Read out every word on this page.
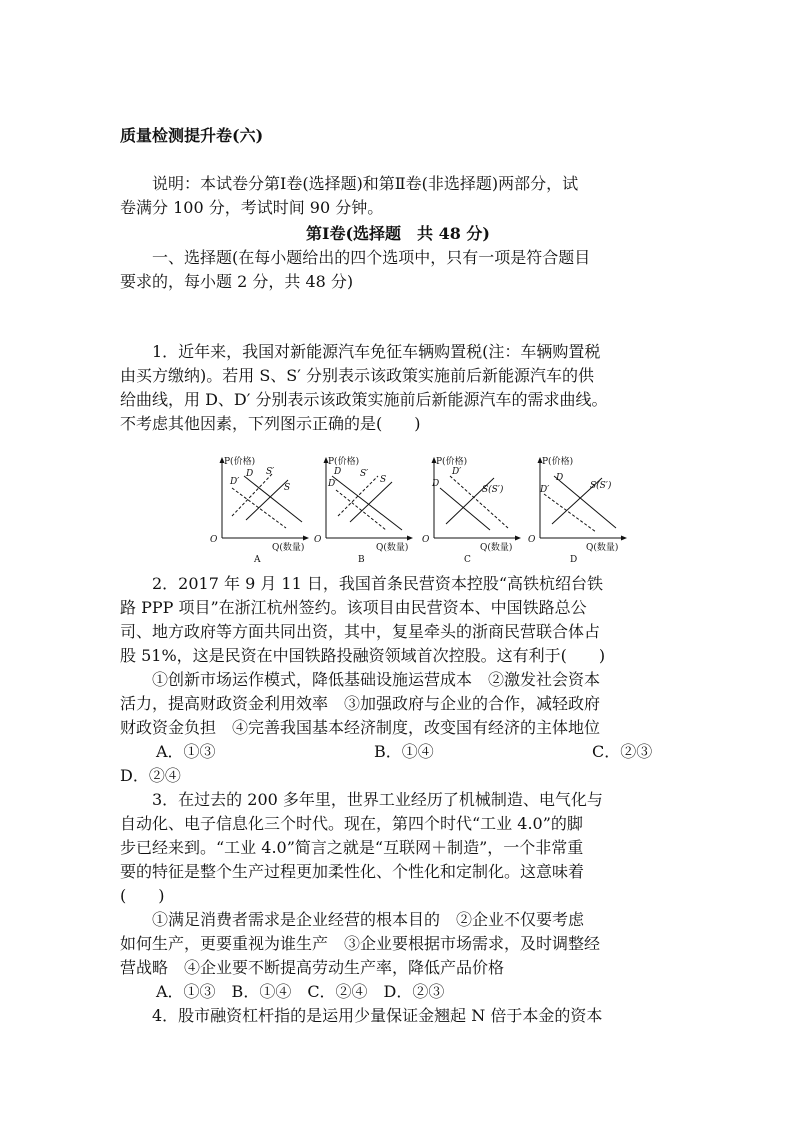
质量检测提升卷(六)
说明：本试卷分第Ⅰ卷(选择题)和第Ⅱ卷(非选择题)两部分，试
卷满分 100 分，考试时间 90 分钟。
第Ⅰ卷(选择题　共 48 分)
一、选择题(在每小题给出的四个选项中，只有一项是符合题目
要求的，每小题 2 分，共 48 分)
1．近年来，我国对新能源汽车免征车辆购置税(注：车辆购置税
由买方缴纳)。若用 S、S′ 分别表示该政策实施前后新能源汽车的供
给曲线，用 D、D′ 分别表示该政策实施前后新能源汽车的需求曲线。
不考虑其他因素，下列图示正确的是(　　)
P(价格)
O
Q(数量)
A
D′
D S′
S
P(价格)
O
Q(数量)
B
D
D′
S′
S
P(价格)
O
Q(数量)
C
D′
D
S(S′)
P(价格)
O
Q(数量)
D
D
D′	S(S′)
2．2017 年 9 月 11 日，我国首条民营资本控股“高铁杭绍台铁
路 PPP 项目”在浙江杭州签约。该项目由民营资本、中国铁路总公
司、地方政府等方面共同出资，其中，复星牵头的浙商民营联合体占
股 51%，这是民资在中国铁路投融资领域首次控股。这有利于(　　)
①创新市场运作模式，降低基础设施运营成本　②激发社会资本
活力，提高财政资金利用效率　③加强政府与企业的合作，减轻政府
财政资金负担　④完善我国基本经济制度，改变国有经济的主体地位
A．①③	B．①④	C．②③
D．②④
3．在过去的 200 多年里，世界工业经历了机械制造、电气化与
自动化、电子信息化三个时代。现在，第四个时代“工业 4.0”的脚
步已经来到。“工业 4.0”简言之就是“互联网＋制造”，一个非常重
要的特征是整个生产过程更加柔性化、个性化和定制化。这意味着
(　　)
①满足消费者需求是企业经营的根本目的　②企业不仅要考虑
如何生产，更要重视为谁生产　③企业要根据市场需求，及时调整经
营战略　④企业要不断提高劳动生产率，降低产品价格
A．①③　B．①④　C．②④　D．②③
4．股市融资杠杆指的是运用少量保证金翘起 N 倍于本金的资本
